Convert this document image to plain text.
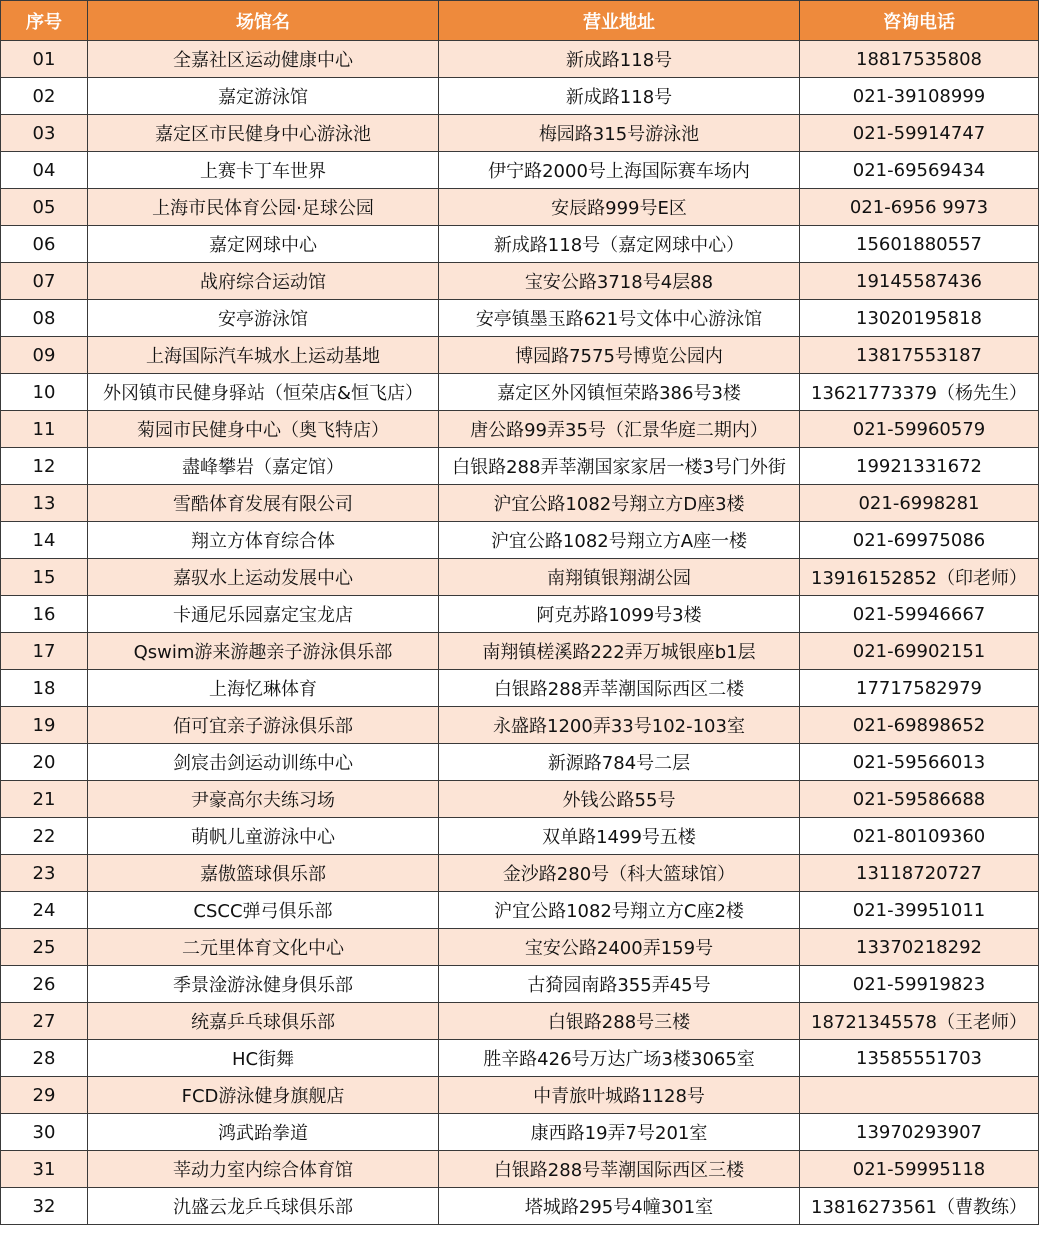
序号	场馆名	营业地址	咨询电话
01	全嘉社区运动健康中心	新成路118号	18817535808
02	嘉定游泳馆	新成路118号	021-39108999
03	嘉定区市民健身中心游泳池	梅园路315号游泳池	021-59914747
04	上赛卡丁车世界	伊宁路2000号上海国际赛车场内	021-69569434
05	上海市民体育公园·足球公园	安辰路999号E区	021-6956 9973
06	嘉定网球中心	新成路118号（嘉定网球中心）	15601880557
07	战府综合运动馆	宝安公路3718号4层88	19145587436
08	安亭游泳馆	安亭镇墨玉路621号文体中心游泳馆	13020195818
09	上海国际汽车城水上运动基地	博园路7575号博览公园内	13817553187
10	外冈镇市民健身驿站（恒荣店&恒飞店）	嘉定区外冈镇恒荣路386号3楼	13621773379（杨先生）
11	菊园市民健身中心（奥飞特店）	唐公路99弄35号（汇景华庭二期内）	021-59960579
12	盡峰攀岩（嘉定馆）	白银路288弄莘潮国家家居一楼3号门外街	19921331672
13	雪酷体育发展有限公司	沪宜公路1082号翔立方D座3楼	021-6998281
14	翔立方体育综合体	沪宜公路1082号翔立方A座一楼	021-69975086
15	嘉驭水上运动发展中心	南翔镇银翔湖公园	13916152852（印老师）
16	卡通尼乐园嘉定宝龙店	阿克苏路1099号3楼	021-59946667
17	Qswim游来游趣亲子游泳俱乐部	南翔镇槎溪路222弄万城银座b1层	021-69902151
18	上海忆琳体育	白银路288弄莘潮国际西区二楼	17717582979
19	佰可宜亲子游泳俱乐部	永盛路1200弄33号102-103室	021-69898652
20	剑宸击剑运动训练中心	新源路784号二层	021-59566013
21	尹豪高尔夫练习场	外钱公路55号	021-59586688
22	萌帆儿童游泳中心	双单路1499号五楼	021-80109360
23	嘉傲篮球俱乐部	金沙路280号（科大篮球馆）	13118720727
24	CSCC弹弓俱乐部	沪宜公路1082号翔立方C座2楼	021-39951011
25	二元里体育文化中心	宝安公路2400弄159号	13370218292
26	季景淦游泳健身俱乐部	古猗园南路355弄45号	021-59919823
27	统嘉乒乓球俱乐部	白银路288号三楼	18721345578（王老师）
28	HC街舞	胜辛路426号万达广场3楼3065室	13585551703
29	FCD游泳健身旗舰店	中青旅叶城路1128号	
30	鸿武跆拳道	康西路19弄7号201室	13970293907
31	莘动力室内综合体育馆	白银路288号莘潮国际西区三楼	021-59995118
32	氿盛云龙乒乓球俱乐部	塔城路295号4幢301室	13816273561（曹教练）
